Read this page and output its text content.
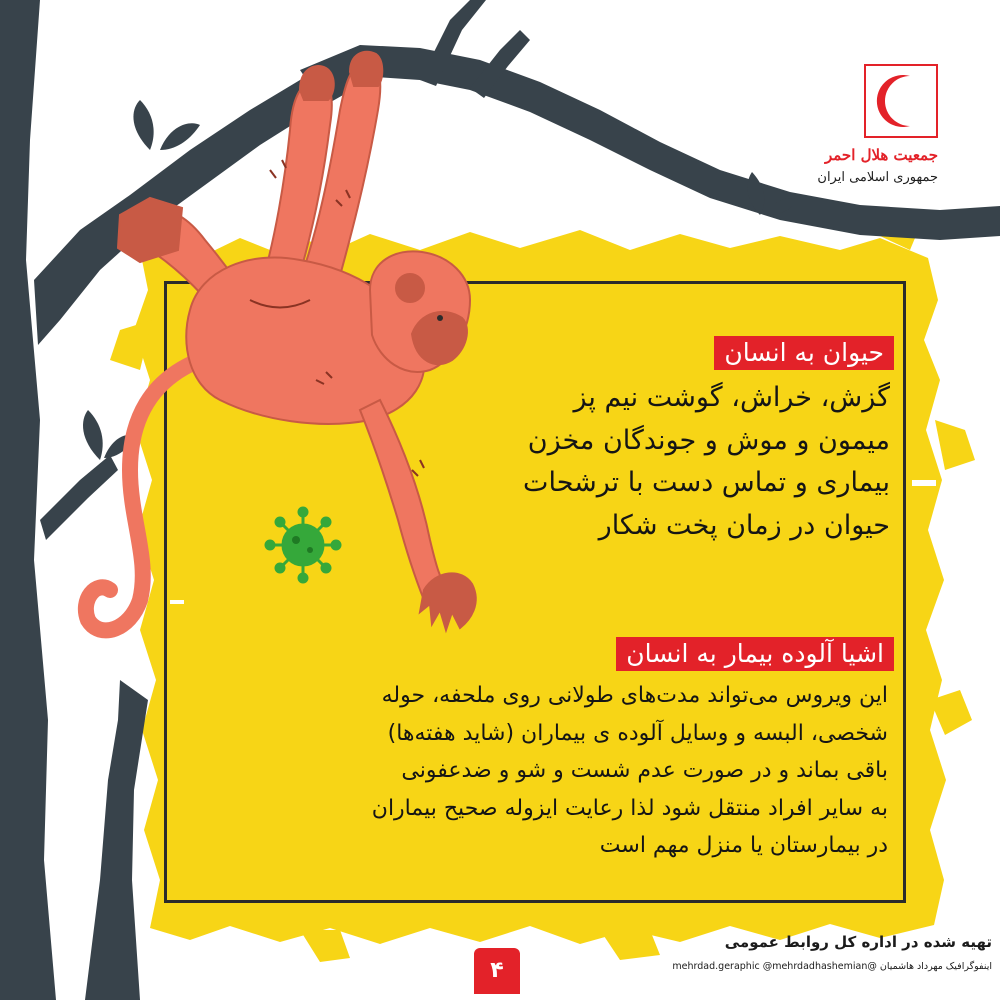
جمعیت هلال احمر
جمهوری اسلامی ایران
حیوان به انسان
گزش، خراش، گوشت نیم پز
میمون و موش و جوندگان مخزن
بیماری و تماس دست با ترشحات
حیوان در زمان پخت شکار
اشیا آلوده بیمار به انسان
این ویروس می‌تواند مدت‌های طولانی روی ملحفه، حوله
شخصی، البسه و وسایل آلوده ی بیماران (شاید هفته‌ها)
باقی بماند و در صورت عدم شست و شو و ضدعفونی
به سایر افراد منتقل شود لذا رعایت ایزوله صحیح بیماران
در بیمارستان یا منزل مهم است
تهیه شده در اداره کل روابط عمومی
اینفوگرافیک مهرداد هاشمیان @mehrdad.geraphic @mehrdadhashemian
۴
